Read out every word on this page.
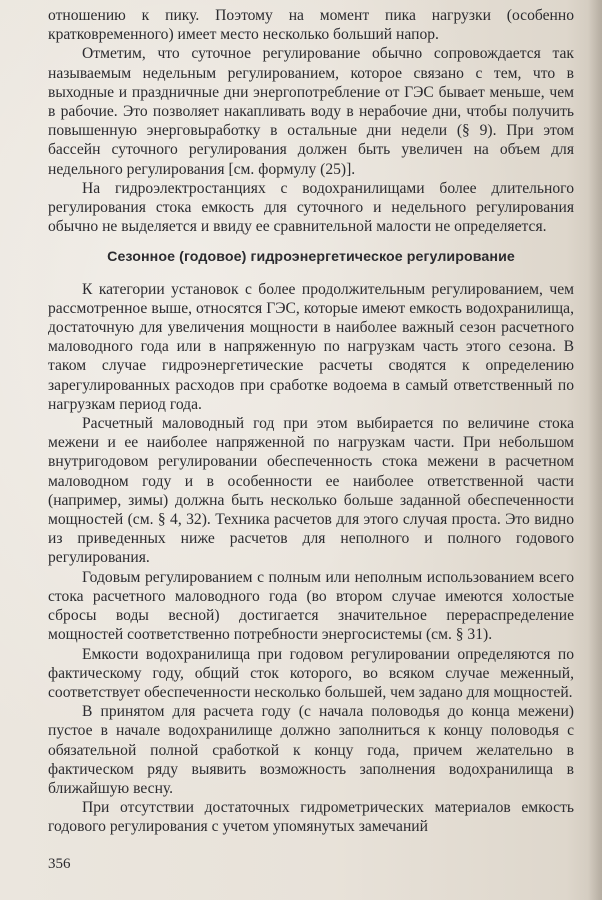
отношению к пику. Поэтому на момент пика нагрузки (особенно кратковременного) имеет место несколько больший напор.

Отметим, что суточное регулирование обычно сопровождается так называемым недельным регулированием, которое связано с тем, что в выходные и праздничные дни энергопотребление от ГЭС бывает меньше, чем в рабочие. Это позволяет накапливать воду в нерабочие дни, чтобы получить повышенную энерговыработку в остальные дни недели (§ 9). При этом бассейн суточного регулирования должен быть увеличен на объем для недельного регулирования [см. формулу (25)].

На гидроэлектростанциях с водохранилищами более длительного регулирования стока емкость для суточного и недельного регулирования обычно не выделяется и ввиду ее сравнительной малости не определяется.

Сезонное (годовое) гидроэнергетическое регулирование

К категории установок с более продолжительным регулированием, чем рассмотренное выше, относятся ГЭС, которые имеют емкость водохранилища, достаточную для увеличения мощности в наиболее важный сезон расчетного маловодного года или в напряженную по нагрузкам часть этого сезона. В таком случае гидроэнергетические расчеты сводятся к определению зарегулированных расходов при сработке водоема в самый ответственный по нагрузкам период года.

Расчетный маловодный год при этом выбирается по величине стока межени и ее наиболее напряженной по нагрузкам части. При небольшом внутригодовом регулировании обеспеченность стока межени в расчетном маловодном году и в особенности ее наиболее ответственной части (например, зимы) должна быть несколько больше заданной обеспеченности мощностей (см. § 4, 32). Техника расчетов для этого случая проста. Это видно из приведенных ниже расчетов для неполного и полного годового регулирования.

Годовым регулированием с полным или неполным использованием всего стока расчетного маловодного года (во втором случае имеются холостые сбросы воды весной) достигается значительное перераспределение мощностей соответственно потребности энергосистемы (см. § 31).

Емкости водохранилища при годовом регулировании определяются по фактическому году, общий сток которого, во всяком случае меженный, соответствует обеспеченности несколько большей, чем задано для мощностей.

В принятом для расчета году (с начала половодья до конца межени) пустое в начале водохранилище должно заполниться к концу половодья с обязательной полной сработкой к концу года, причем желательно в фактическом ряду выявить возможность заполнения водохранилища в ближайшую весну.

При отсутствии достаточных гидрометрических материалов емкость годового регулирования с учетом упомянутых замечаний

356
